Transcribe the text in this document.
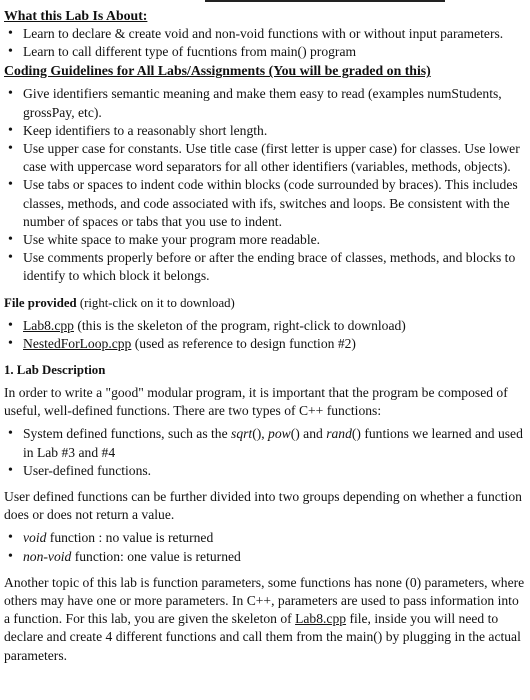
What this Lab Is About:
• Learn to declare & create void and non-void functions with or without input parameters.
• Learn to call different type of fucntions from main() program
Coding Guidelines for All Labs/Assignments (You will be graded on this)
• Give identifiers semantic meaning and make them easy to read (examples numStudents, grossPay, etc).
• Keep identifiers to a reasonably short length.
• Use upper case for constants. Use title case (first letter is upper case) for classes. Use lower case with uppercase word separators for all other identifiers (variables, methods, objects).
• Use tabs or spaces to indent code within blocks (code surrounded by braces). This includes classes, methods, and code associated with ifs, switches and loops. Be consistent with the number of spaces or tabs that you use to indent.
• Use white space to make your program more readable.
• Use comments properly before or after the ending brace of classes, methods, and blocks to identify to which block it belongs.
File provided (right-click on it to download)
• Lab8.cpp (this is the skeleton of the program, right-click to download)
• NestedForLoop.cpp (used as reference to design function #2)
1. Lab Description

In order to write a "good" modular program, it is important that the program be composed of useful, well-defined functions. There are two types of C++ functions:

• System defined functions, such as the sqrt(), pow() and rand() funtions we learned and used in Lab #3 and #4
• User-defined functions.

User defined functions can be further divided into two groups depending on whether a function does or does not return a value.

• void function : no value is returned
• non-void function: one value is returned

Another topic of this lab is function parameters, some functions has none (0) parameters, where others may have one or more parameters. In C++, parameters are used to pass information into a function. For this lab, you are given the skeleton of Lab8.cpp file, inside you will need to declare and create 4 different functions and call them from the main() by plugging in the actual parameters.
